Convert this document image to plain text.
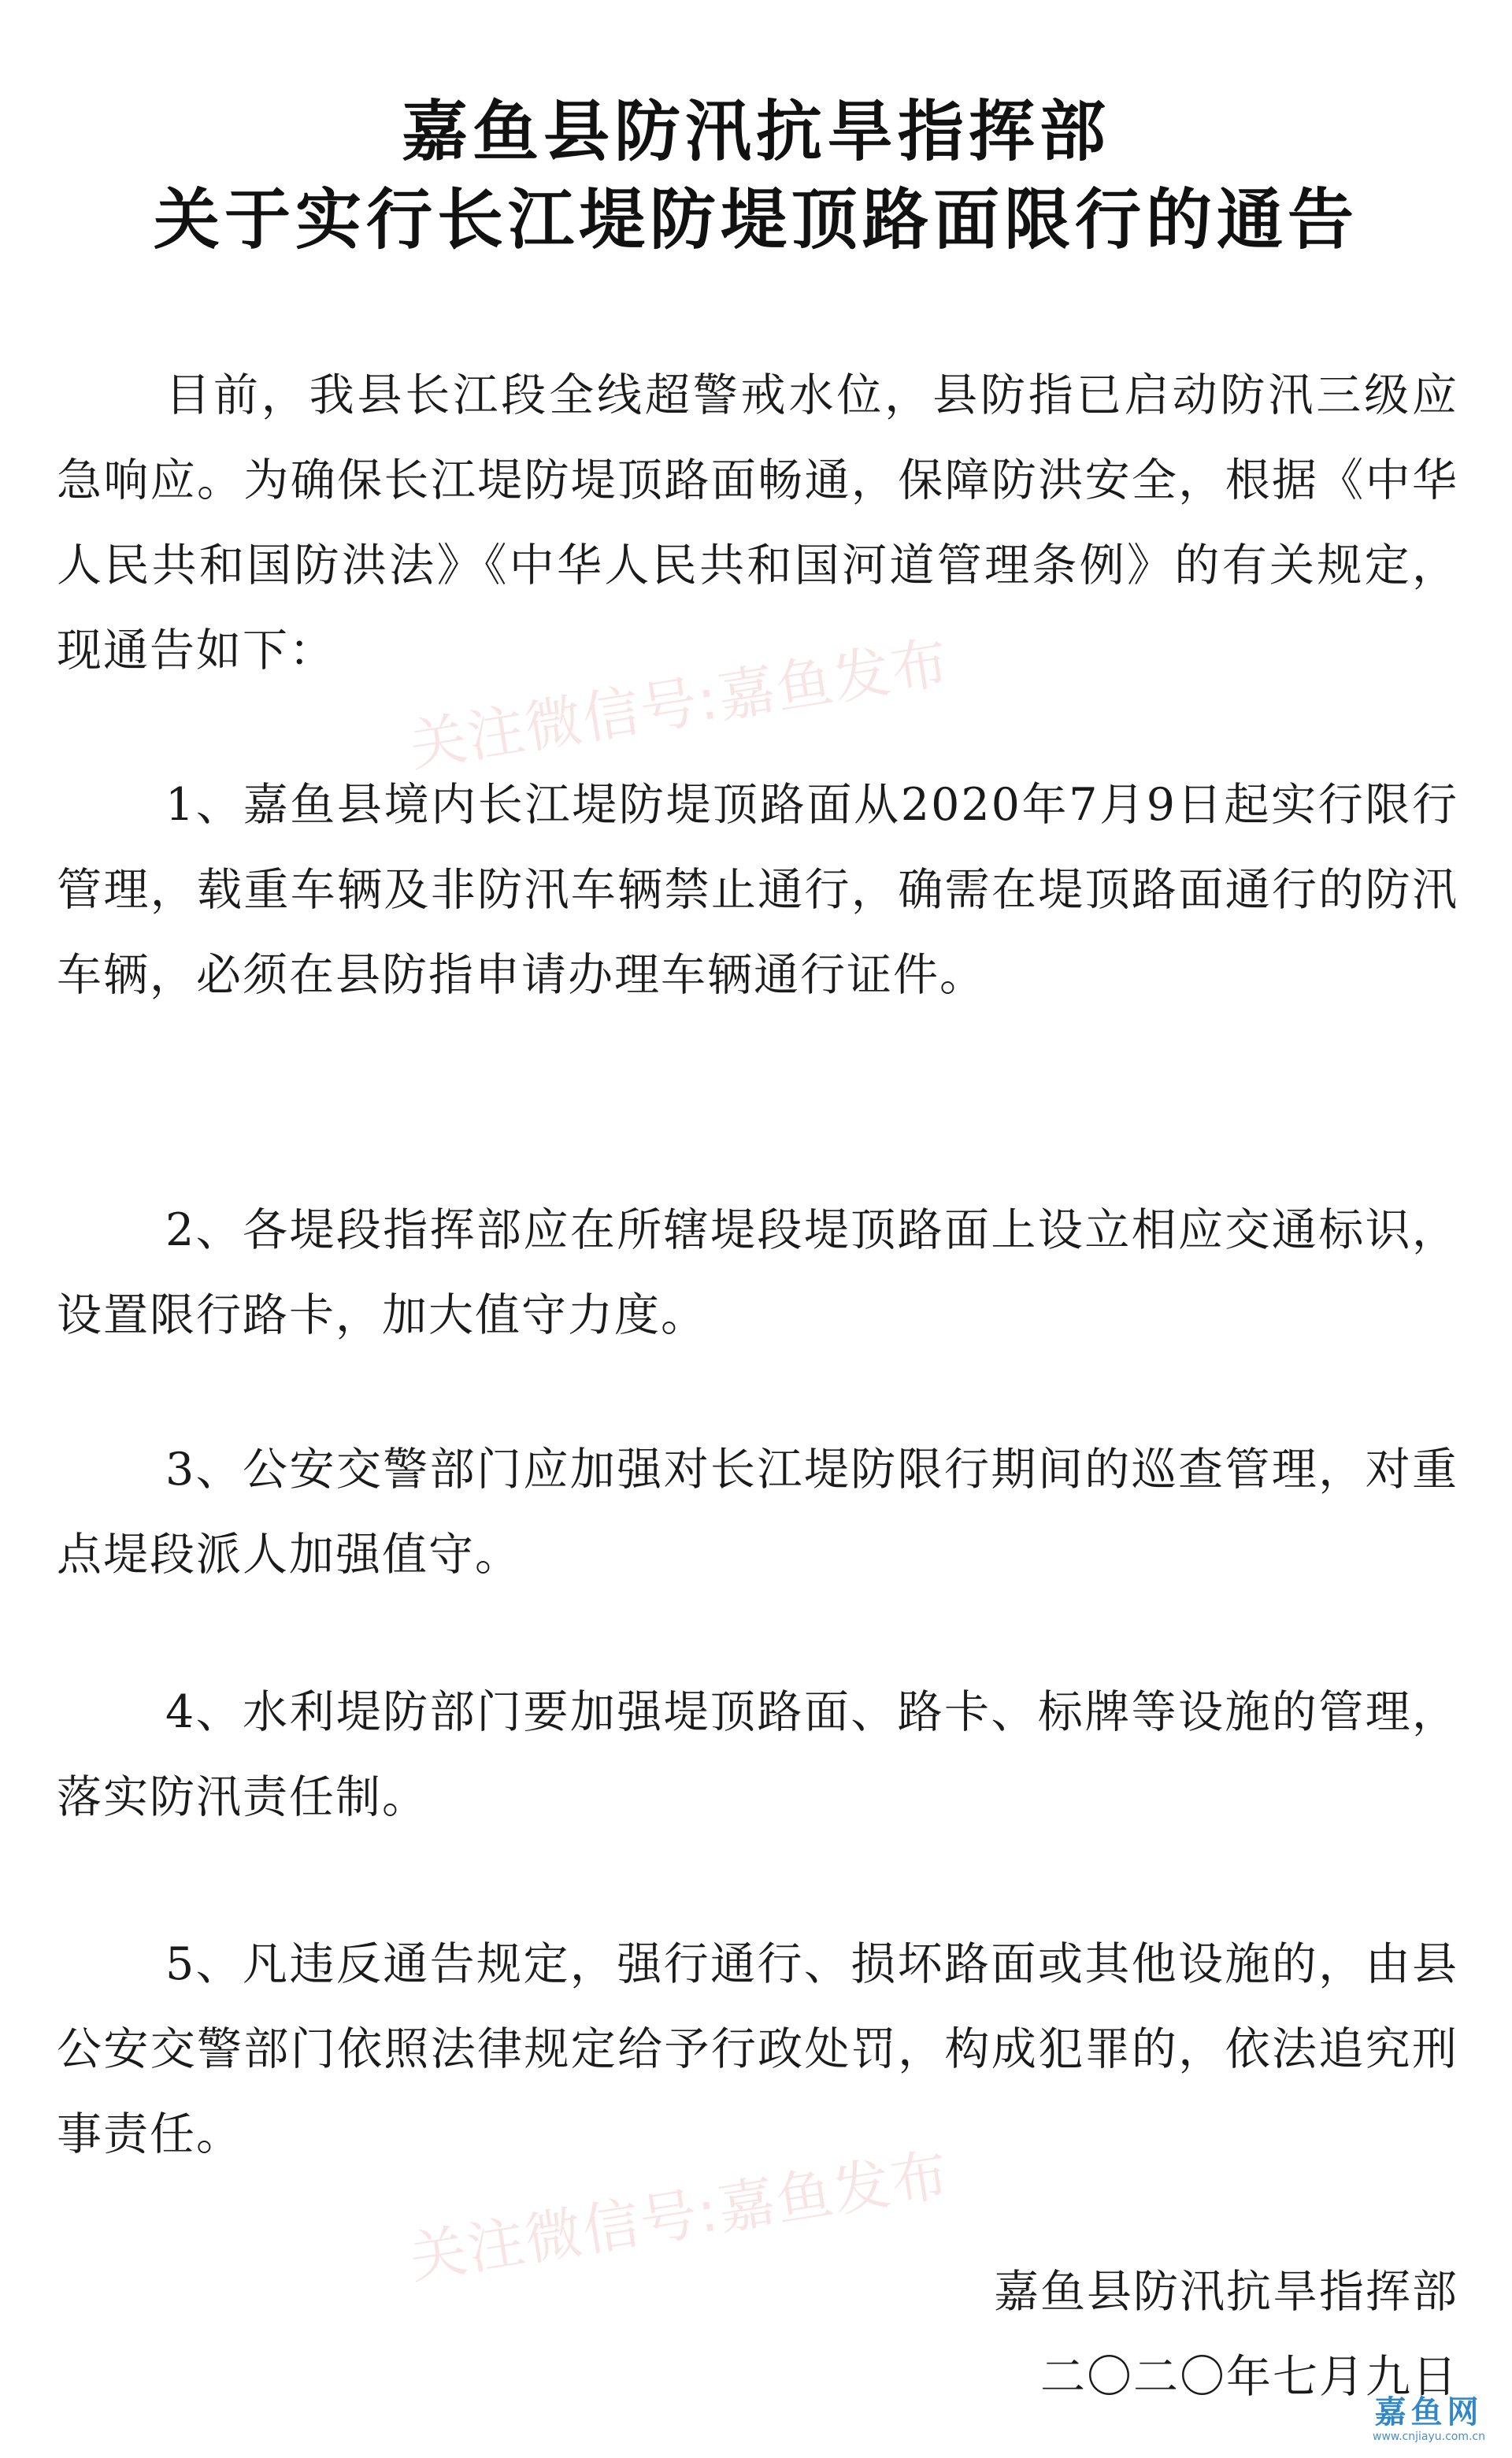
嘉鱼县防汛抗旱指挥部
关于实行长江堤防堤顶路面限行的通告

目前，我县长江段全线超警戒水位，县防指已启动防汛三级应急响应。为确保长江堤防堤顶路面畅通，保障防洪安全，根据《中华人民共和国防洪法》《中华人民共和国河道管理条例》的有关规定，现通告如下：

1、嘉鱼县境内长江堤防堤顶路面从2020年7月9日起实行限行管理，载重车辆及非防汛车辆禁止通行，确需在堤顶路面通行的防汛车辆，必须在县防指申请办理车辆通行证件。

2、各堤段指挥部应在所辖堤段堤顶路面上设立相应交通标识，设置限行路卡，加大值守力度。

3、公安交警部门应加强对长江堤防限行期间的巡查管理，对重点堤段派人加强值守。

4、水利堤防部门要加强堤顶路面、路卡、标牌等设施的管理，落实防汛责任制。

5、凡违反通告规定，强行通行、损坏路面或其他设施的，由县公安交警部门依照法律规定给予行政处罚，构成犯罪的，依法追究刑事责任。

嘉鱼县防汛抗旱指挥部
二〇二〇年七月九日
关注微信号:嘉鱼发布
关注微信号:嘉鱼发布
嘉鱼网
www.cnjiayu.com.cn
